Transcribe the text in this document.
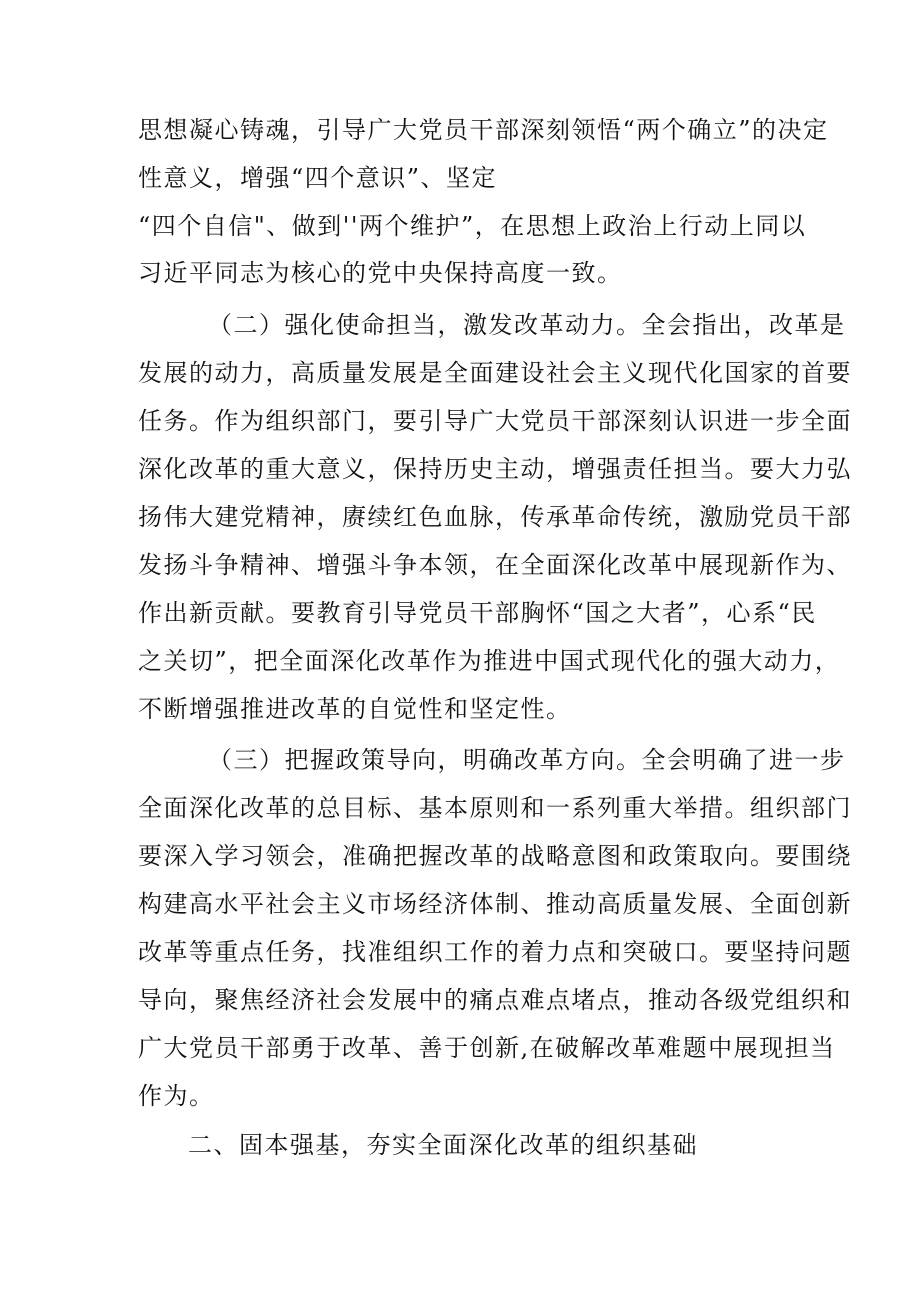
思想凝心铸魂，引导广大党员干部深刻领悟“两个确立”的决定
性意义，增强“四个意识”、坚定
“四个自信"、做到''两个维护”，在思想上政治上行动上同以
习近平同志为核心的党中央保持高度一致。
（二）强化使命担当，激发改革动力。全会指出，改革是
发展的动力，高质量发展是全面建设社会主义现代化国家的首要
任务。作为组织部门，要引导广大党员干部深刻认识进一步全面
深化改革的重大意义，保持历史主动，增强责任担当。要大力弘
扬伟大建党精神，赓续红色血脉，传承革命传统，激励党员干部
发扬斗争精神、增强斗争本领，在全面深化改革中展现新作为、
作出新贡献。要教育引导党员干部胸怀“国之大者”，心系“民
之关切”，把全面深化改革作为推进中国式现代化的强大动力，
不断增强推进改革的自觉性和坚定性。
（三）把握政策导向，明确改革方向。全会明确了进一步
全面深化改革的总目标、基本原则和一系列重大举措。组织部门
要深入学习领会，准确把握改革的战略意图和政策取向。要围绕
构建高水平社会主义市场经济体制、推动高质量发展、全面创新
改革等重点任务，找准组织工作的着力点和突破口。要坚持问题
导向，聚焦经济社会发展中的痛点难点堵点，推动各级党组织和
广大党员干部勇于改革、善于创新,在破解改革难题中展现担当
作为。
二、固本强基，夯实全面深化改革的组织基础
